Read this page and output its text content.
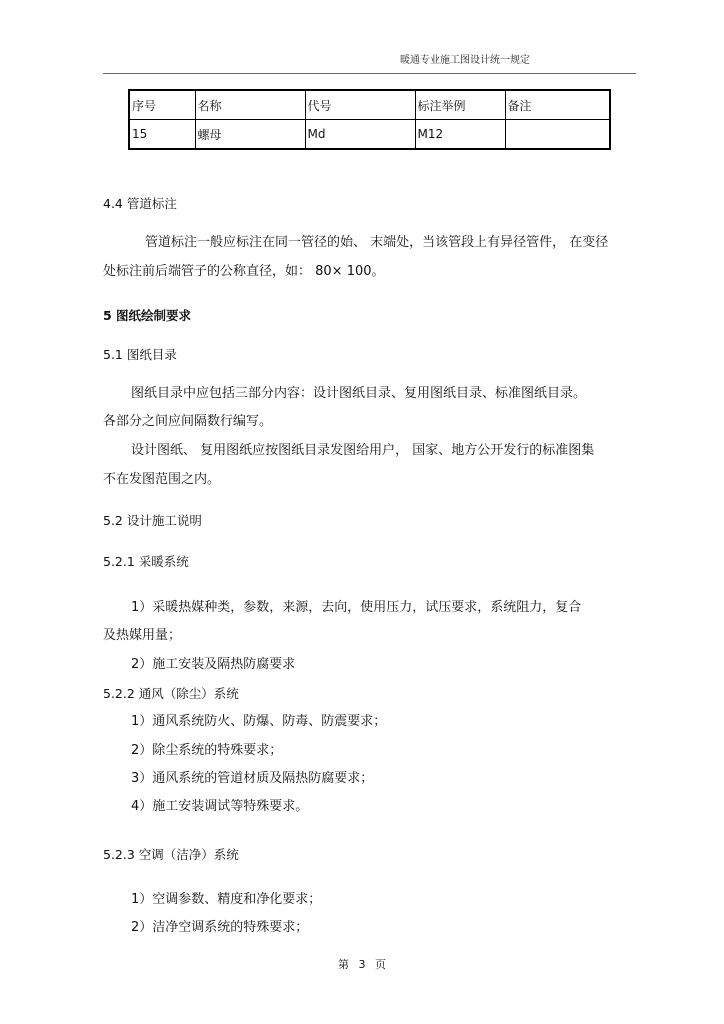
暖通专业施工图设计统一规定
序号	名称	代号	标注举例	备注
15	螺母	Md	M12	
4.4 管道标注
管道标注一般应标注在同一管径的始、 末端处，当该管段上有异径管件， 在变径
处标注前后端管子的公称直径，如： 80× 100。
5 图纸绘制要求
5.1 图纸目录
图纸目录中应包括三部分内容：设计图纸目录、复用图纸目录、标准图纸目录。
各部分之间应间隔数行编写。
设计图纸、 复用图纸应按图纸目录发图给用户， 国家、地方公开发行的标准图集
不在发图范围之内。
5.2 设计施工说明
5.2.1 采暖系统
1）采暖热媒种类，参数，来源，去向，使用压力，试压要求，系统阻力，复合
及热媒用量；
2）施工安装及隔热防腐要求
5.2.2 通风（除尘）系统
1）通风系统防火、防爆、防毒、防震要求；
2）除尘系统的特殊要求；
3）通风系统的管道材质及隔热防腐要求；
4）施工安装调试等特殊要求。
5.2.3 空调（洁净）系统
1）空调参数、精度和净化要求；
2）洁净空调系统的特殊要求；
第 3 页
